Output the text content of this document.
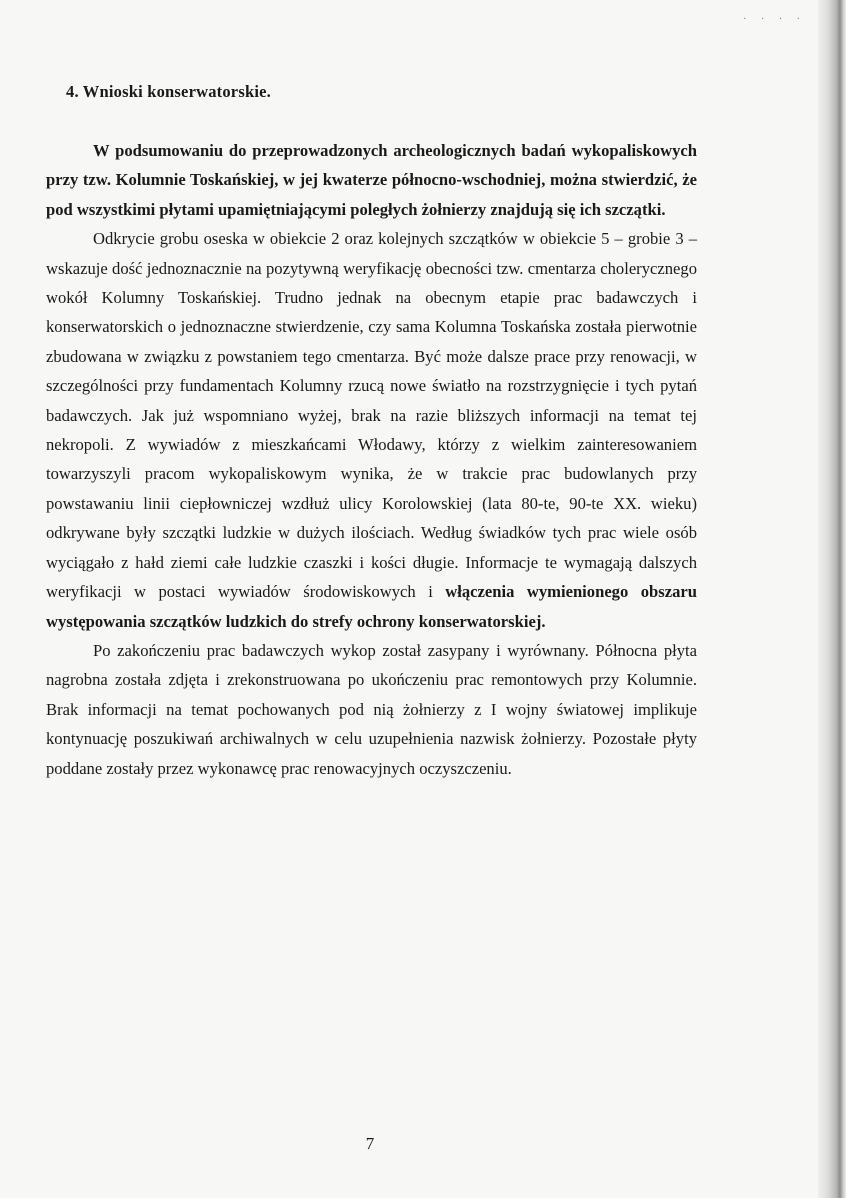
· · · ·
4. Wnioski konserwatorskie.

W podsumowaniu do przeprowadzonych archeologicznych badań wykopaliskowych przy tzw. Kolumnie Toskańskiej, w jej kwaterze północno-wschodniej, można stwierdzić, że pod wszystkimi płytami upamiętniającymi poległych żołnierzy znajdują się ich szczątki.

Odkrycie grobu oseska w obiekcie 2 oraz kolejnych szczątków w obiekcie 5 – grobie 3 – wskazuje dość jednoznacznie na pozytywną weryfikację obecności tzw. cmentarza cholerycznego wokół Kolumny Toskańskiej. Trudno jednak na obecnym etapie prac badawczych i konserwatorskich o jednoznaczne stwierdzenie, czy sama Kolumna Toskańska została pierwotnie zbudowana w związku z powstaniem tego cmentarza. Być może dalsze prace przy renowacji, w szczególności przy fundamentach Kolumny rzucą nowe światło na rozstrzygnięcie i tych pytań badawczych. Jak już wspomniano wyżej, brak na razie bliższych informacji na temat tej nekropoli. Z wywiadów z mieszkańcami Włodawy, którzy z wielkim zainteresowaniem towarzyszyli pracom wykopaliskowym wynika, że w trakcie prac budowlanych przy powstawaniu linii ciepłowniczej wzdłuż ulicy Korolowskiej (lata 80-te, 90-te XX. wieku) odkrywane były szczątki ludzkie w dużych ilościach. Według świadków tych prac wiele osób wyciągało z hałd ziemi całe ludzkie czaszki i kości długie. Informacje te wymagają dalszych weryfikacji w postaci wywiadów środowiskowych i włączenia wymienionego obszaru występowania szczątków ludzkich do strefy ochrony konserwatorskiej.

Po zakończeniu prac badawczych wykop został zasypany i wyrównany. Północna płyta nagrobna została zdjęta i zrekonstruowana po ukończeniu prac remontowych przy Kolumnie. Brak informacji na temat pochowanych pod nią żołnierzy z I wojny światowej implikuje kontynuację poszukiwań archiwalnych w celu uzupełnienia nazwisk żołnierzy. Pozostałe płyty poddane zostały przez wykonawcę prac renowacyjnych oczyszczeniu.

7
